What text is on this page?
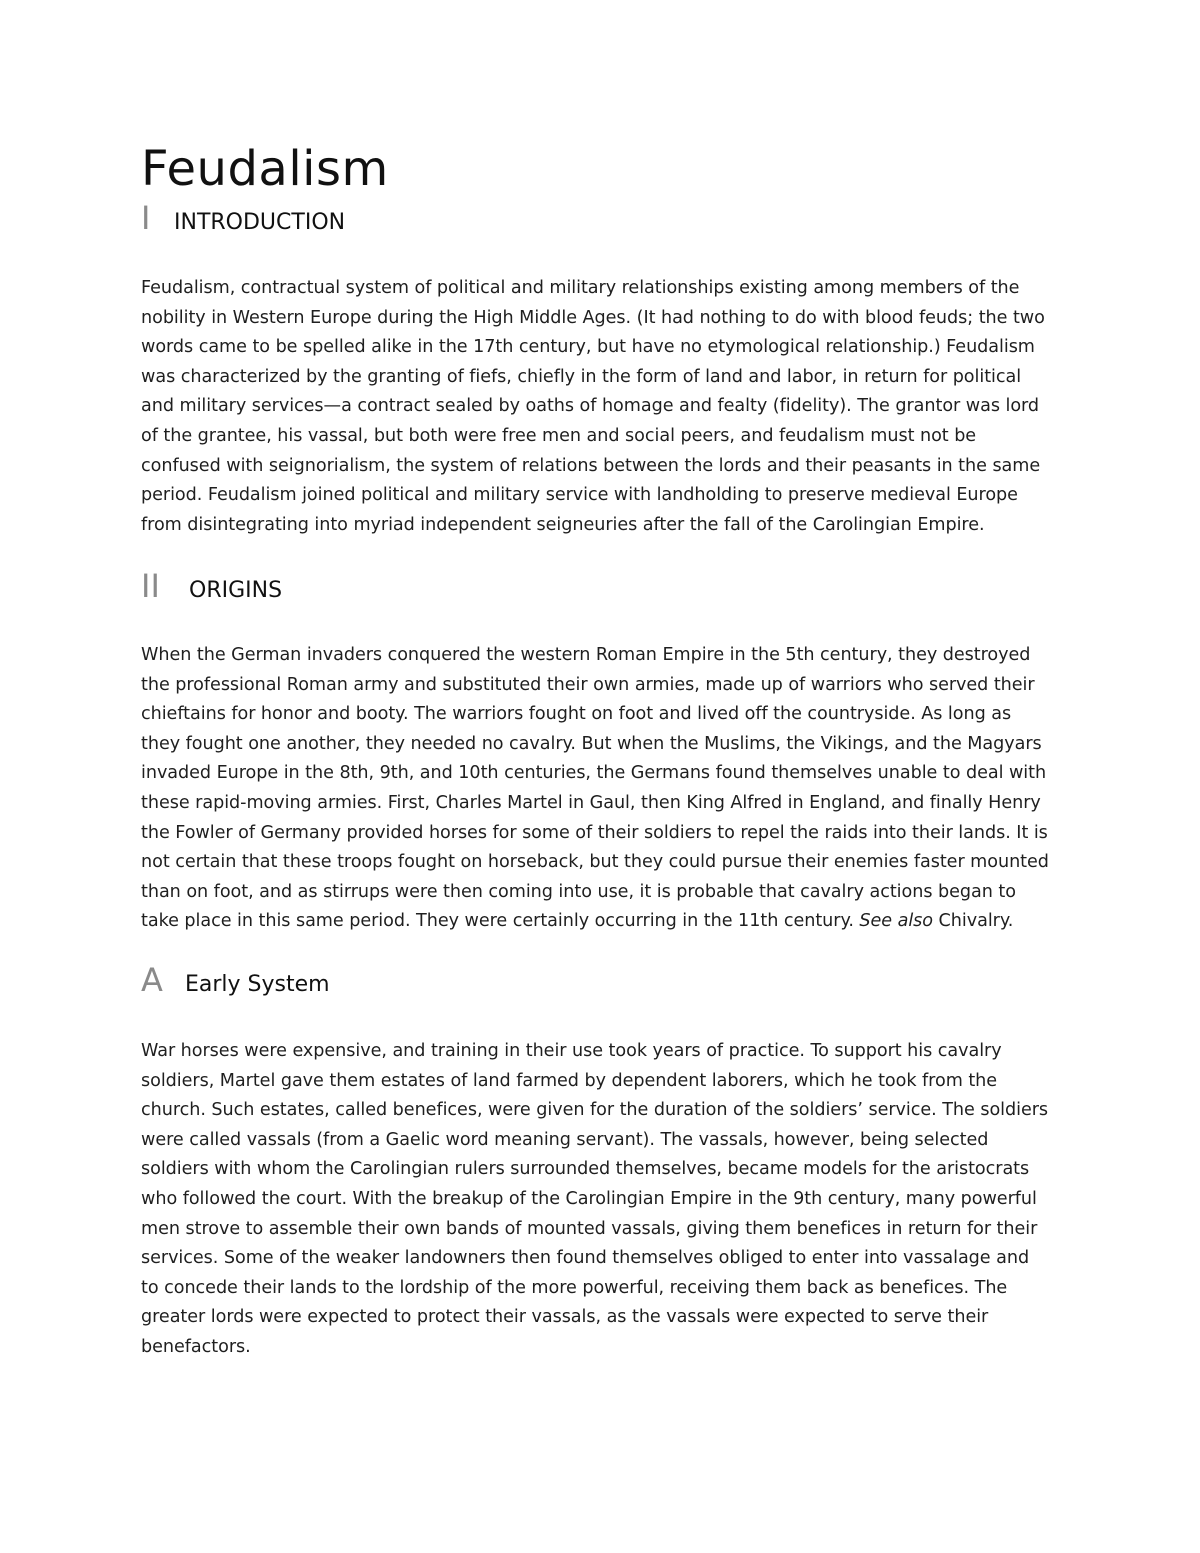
Feudalism
I	INTRODUCTION

Feudalism, contractual system of political and military relationships existing among members of the
nobility in Western Europe during the High Middle Ages. (It had nothing to do with blood feuds; the two
words came to be spelled alike in the 17th century, but have no etymological relationship.) Feudalism
was characterized by the granting of fiefs, chiefly in the form of land and labor, in return for political
and military services—a contract sealed by oaths of homage and fealty (fidelity). The grantor was lord
of the grantee, his vassal, but both were free men and social peers, and feudalism must not be
confused with seignorialism, the system of relations between the lords and their peasants in the same
period. Feudalism joined political and military service with landholding to preserve medieval Europe
from disintegrating into myriad independent seigneuries after the fall of the Carolingian Empire.

II	ORIGINS

When the German invaders conquered the western Roman Empire in the 5th century, they destroyed
the professional Roman army and substituted their own armies, made up of warriors who served their
chieftains for honor and booty. The warriors fought on foot and lived off the countryside. As long as
they fought one another, they needed no cavalry. But when the Muslims, the Vikings, and the Magyars
invaded Europe in the 8th, 9th, and 10th centuries, the Germans found themselves unable to deal with
these rapid-moving armies. First, Charles Martel in Gaul, then King Alfred in England, and finally Henry
the Fowler of Germany provided horses for some of their soldiers to repel the raids into their lands. It is
not certain that these troops fought on horseback, but they could pursue their enemies faster mounted
than on foot, and as stirrups were then coming into use, it is probable that cavalry actions began to
take place in this same period. They were certainly occurring in the 11th century. See also Chivalry.

A	Early System

War horses were expensive, and training in their use took years of practice. To support his cavalry
soldiers, Martel gave them estates of land farmed by dependent laborers, which he took from the
church. Such estates, called benefices, were given for the duration of the soldiers’ service. The soldiers
were called vassals (from a Gaelic word meaning servant). The vassals, however, being selected
soldiers with whom the Carolingian rulers surrounded themselves, became models for the aristocrats
who followed the court. With the breakup of the Carolingian Empire in the 9th century, many powerful
men strove to assemble their own bands of mounted vassals, giving them benefices in return for their
services. Some of the weaker landowners then found themselves obliged to enter into vassalage and
to concede their lands to the lordship of the more powerful, receiving them back as benefices. The
greater lords were expected to protect their vassals, as the vassals were expected to serve their
benefactors.
